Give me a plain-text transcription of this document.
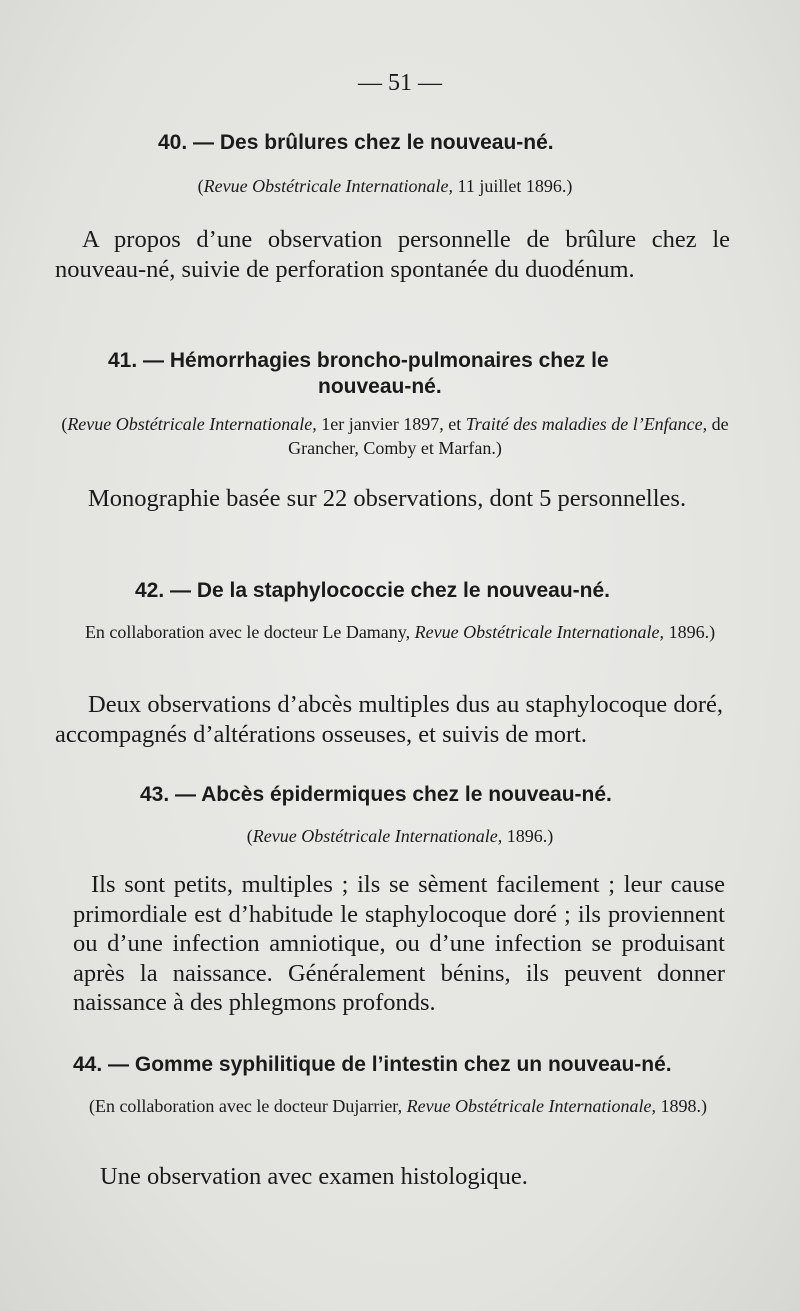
— 51 —
40. — Des brûlures chez le nouveau-né.

(Revue Obstétricale Internationale, 11 juillet 1896.)

A propos d’une observation personnelle de brûlure chez le nouveau-né, suivie de perforation spontanée du duodénum.

41. — Hémorrhagies broncho-pulmonaires chez le
nouveau-né.

(Revue Obstétricale Internationale, 1er janvier 1897, et Traité des maladies de l’Enfance, de Grancher, Comby et Marfan.)

Monographie basée sur 22 observations, dont 5 personnelles.

42. — De la staphylococcie chez le nouveau-né.

En collaboration avec le docteur Le Damany, Revue Obstétricale Internationale, 1896.)

Deux observations d’abcès multiples dus au staphylocoque doré, accompagnés d’altérations osseuses, et suivis de mort.

43. — Abcès épidermiques chez le nouveau-né.

(Revue Obstétricale Internationale, 1896.)

Ils sont petits, multiples ; ils se sèment facilement ; leur cause primordiale est d’habitude le staphylocoque doré ; ils proviennent ou d’une infection amniotique, ou d’une infection se produisant après la naissance. Généralement bénins, ils peuvent donner naissance à des phlegmons profonds.

44. — Gomme syphilitique de l’intestin chez un nouveau-né.

(En collaboration avec le docteur Dujarrier, Revue Obstétricale Internationale, 1898.)

Une observation avec examen histologique.
